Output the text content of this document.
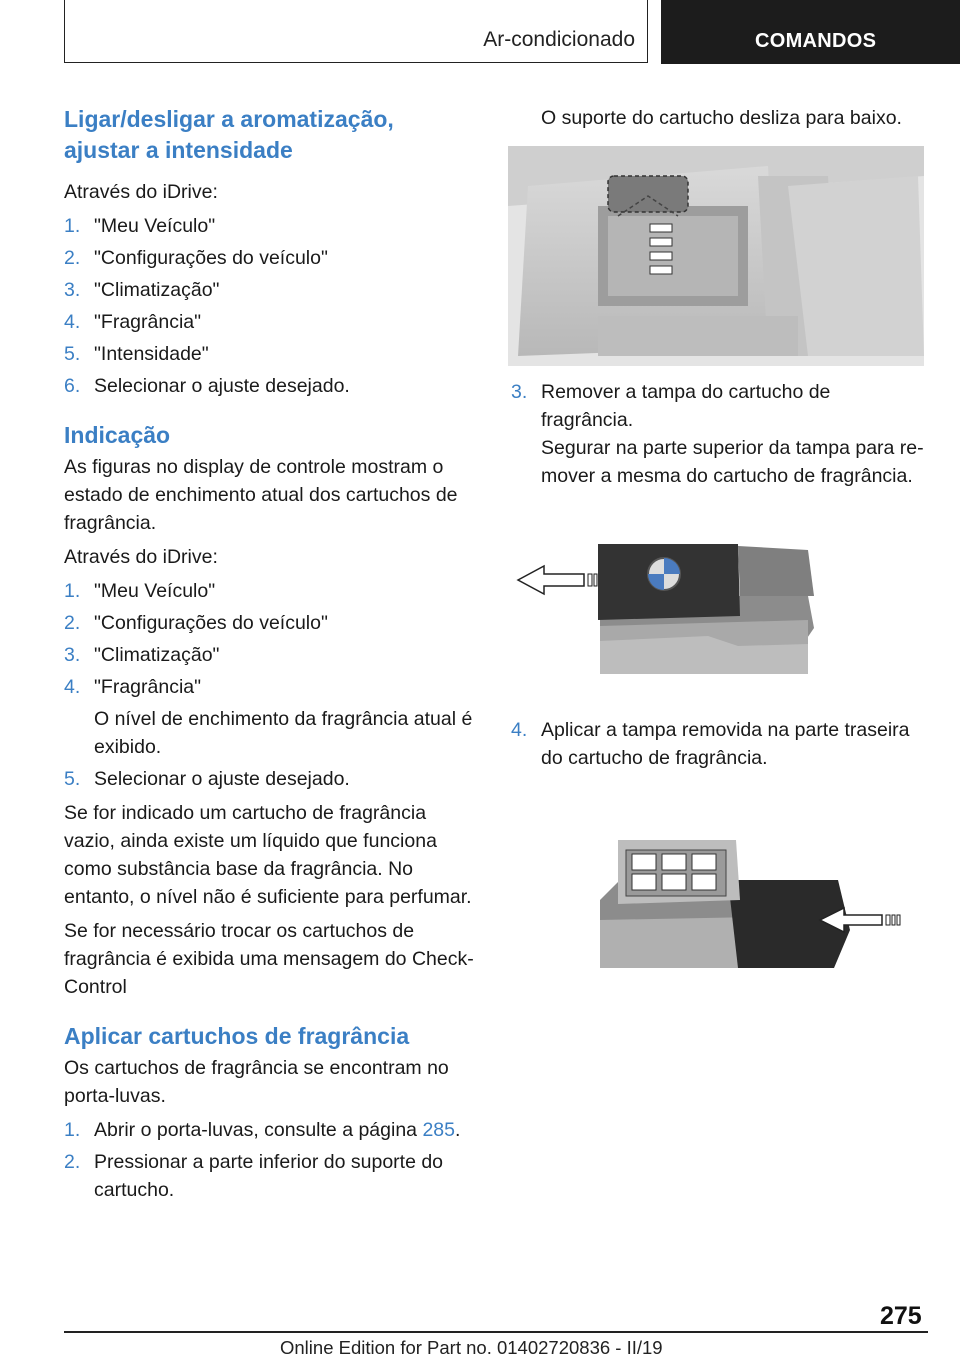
Ar-condicionado	COMANDOS
Ligar/desligar a aromatização, ajustar a intensidade

Através do iDrive:

1. "Meu Veículo"
2. "Configurações do veículo"
3. "Climatização"
4. "Fragrância"
5. "Intensidade"
6. Selecionar o ajuste desejado.
Indicação

As figuras no display de controle mostram o estado de enchimento atual dos cartuchos de fragrância.

Através do iDrive:

1. "Meu Veículo"
2. "Configurações do veículo"
3. "Climatização"
4. "Fragrância"
O nível de enchimento da fragrância atual é exibido.
5. Selecionar o ajuste desejado.

Se for indicado um cartucho de fragrância vazio, ainda existe um líquido que funciona como substância base da fragrância. No entanto, o nível não é suficiente para perfumar.

Se for necessário trocar os cartuchos de fragrância é exibida uma mensagem do Check-Control

Aplicar cartuchos de fragrância

Os cartuchos de fragrância se encontram no porta-luvas.

1. Abrir o porta-luvas, consulte a página 285.
2. Pressionar a parte inferior do suporte do cartucho.

O suporte do cartucho desliza para baixo.

3. Remover a tampa do cartucho de fragrância.
Segurar na parte superior da tampa para remover a mesma do cartucho de fragrância.
4. Aplicar a tampa removida na parte traseira do cartucho de fragrância.
275
Online Edition for Part no. 01402720836 - II/19
